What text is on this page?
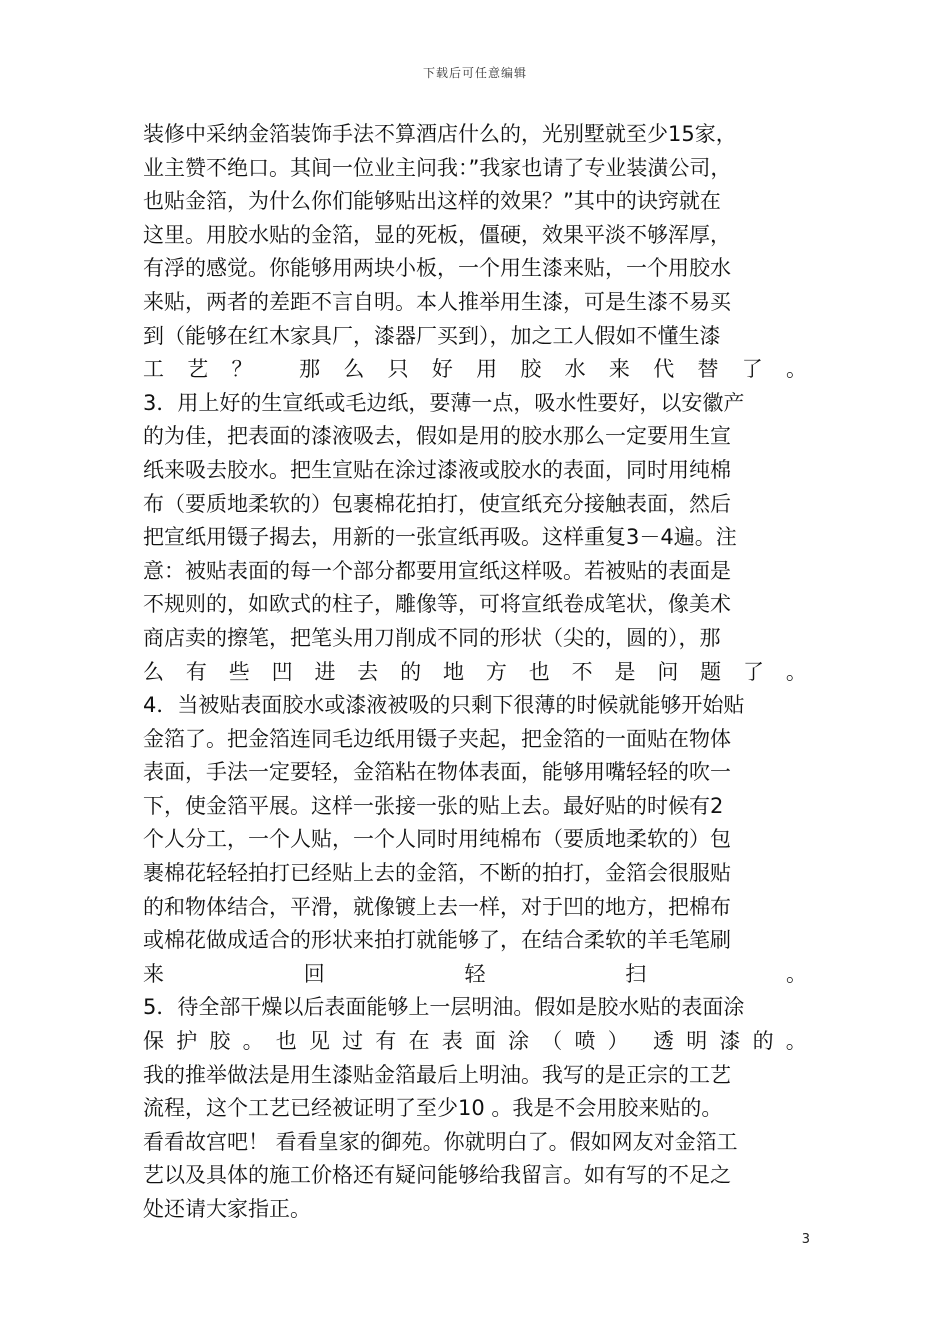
下载后可任意编辑
装修中采纳金箔装饰手法不算酒店什么的，光别墅就至少15家，
业主赞不绝口。其间一位业主问我：”我家也请了专业装潢公司，
也贴金箔，为什么你们能够贴出这样的效果？”其中的诀窍就在
这里。用胶水贴的金箔，显的死板，僵硬，效果平淡不够浑厚，
有浮的感觉。你能够用两块小板，一个用生漆来贴，一个用胶水
来贴，两者的差距不言自明。本人推举用生漆，可是生漆不易买
到（能够在红木家具厂，漆器厂买到），加之工人假如不懂生漆
工 艺 ？ 那 么 只 好 用 胶 水 来 代 替 了 。
3．用上好的生宣纸或毛边纸，要薄一点，吸水性要好，以安徽产
的为佳，把表面的漆液吸去，假如是用的胶水那么一定要用生宣
纸来吸去胶水。把生宣贴在涂过漆液或胶水的表面，同时用纯棉
布（要质地柔软的）包裹棉花拍打，使宣纸充分接触表面，然后
把宣纸用镊子揭去，用新的一张宣纸再吸。这样重复3－4遍。注
意：被贴表面的每一个部分都要用宣纸这样吸。若被贴的表面是
不规则的，如欧式的柱子，雕像等，可将宣纸卷成笔状，像美术
商店卖的擦笔，把笔头用刀削成不同的形状（尖的，圆的），那
么 有 些 凹 进 去 的 地 方 也 不 是 问 题 了 。
4．当被贴表面胶水或漆液被吸的只剩下很薄的时候就能够开始贴
金箔了。把金箔连同毛边纸用镊子夹起，把金箔的一面贴在物体
表面，手法一定要轻，金箔粘在物体表面，能够用嘴轻轻的吹一
下，使金箔平展。这样一张接一张的贴上去。最好贴的时候有2
个人分工，一个人贴，一个人同时用纯棉布（要质地柔软的）包
裹棉花轻轻拍打已经贴上去的金箔，不断的拍打，金箔会很服贴
的和物体结合，平滑，就像镀上去一样，对于凹的地方，把棉布
或棉花做成适合的形状来拍打就能够了，在结合柔软的羊毛笔刷
来	回	轻	扫	。
5．待全部干燥以后表面能够上一层明油。假如是胶水贴的表面涂
保 护 胶 。 也 见 过 有 在 表 面 涂 （ 喷 ） 透 明 漆 的 。
我的推举做法是用生漆贴金箔最后上明油。我写的是正宗的工艺
流程，这个工艺已经被证明了至少10 。我是不会用胶来贴的。
看看故宫吧！ 看看皇家的御苑。你就明白了。假如网友对金箔工
艺以及具体的施工价格还有疑问能够给我留言。如有写的不足之
处还请大家指正。
3
